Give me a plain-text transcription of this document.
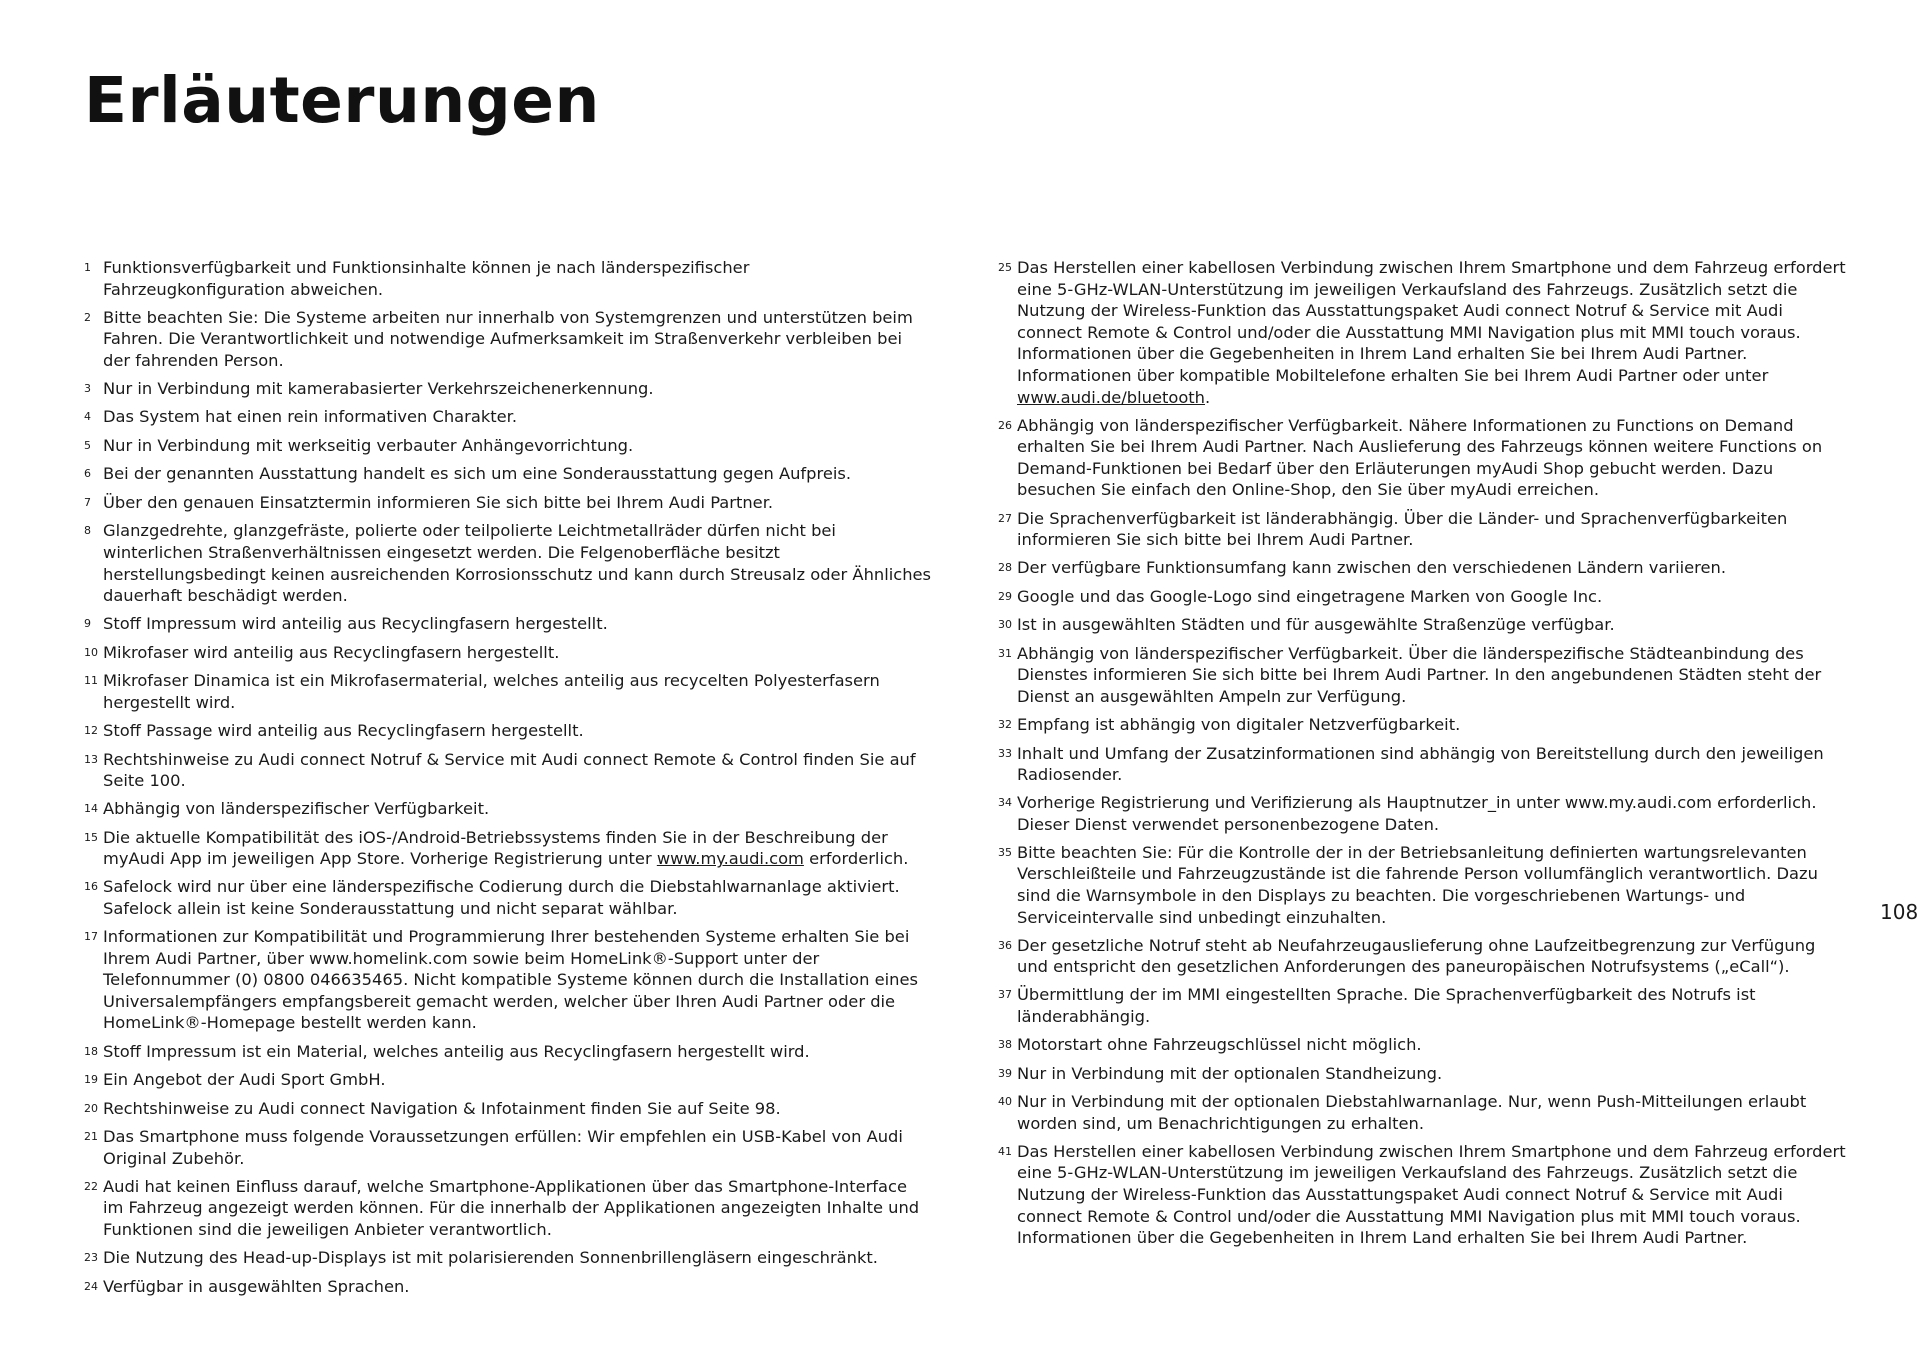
Erläuterungen
1 Funktionsverfügbarkeit und Funktionsinhalte können je nach länderspezifischer Fahrzeugkonfiguration abweichen.
2 Bitte beachten Sie: Die Systeme arbeiten nur innerhalb von Systemgrenzen und unterstützen beim Fahren. Die Verantwortlichkeit und notwendige Aufmerksamkeit im Straßenverkehr verbleiben bei der fahrenden Person.
3 Nur in Verbindung mit kamerabasierter Verkehrszeichenerkennung.
4 Das System hat einen rein informativen Charakter.
5 Nur in Verbindung mit werkseitig verbauter Anhängevorrichtung.
6 Bei der genannten Ausstattung handelt es sich um eine Sonderausstattung gegen Aufpreis.
7 Über den genauen Einsatztermin informieren Sie sich bitte bei Ihrem Audi Partner.
8 Glanzgedrehte, glanzgefräste, polierte oder teilpolierte Leichtmetallräder dürfen nicht bei winterlichen Straßenverhältnissen eingesetzt werden. Die Felgenoberfläche besitzt herstellungsbedingt keinen ausreichenden Korrosionsschutz und kann durch Streusalz oder Ähnliches dauerhaft beschädigt werden.
9 Stoff Impressum wird anteilig aus Recyclingfasern hergestellt.
10 Mikrofaser wird anteilig aus Recyclingfasern hergestellt.
11 Mikrofaser Dinamica ist ein Mikrofasermaterial, welches anteilig aus recycelten Polyesterfasern hergestellt wird.
12 Stoff Passage wird anteilig aus Recyclingfasern hergestellt.
13 Rechtshinweise zu Audi connect Notruf & Service mit Audi connect Remote & Control finden Sie auf Seite 100.
14 Abhängig von länderspezifischer Verfügbarkeit.
15 Die aktuelle Kompatibilität des iOS-/Android-Betriebssystems finden Sie in der Beschreibung der myAudi App im jeweiligen App Store. Vorherige Registrierung unter www.my.audi.com erforderlich.
16 Safelock wird nur über eine länderspezifische Codierung durch die Diebstahlwarnanlage aktiviert. Safelock allein ist keine Sonderausstattung und nicht separat wählbar.
17 Informationen zur Kompatibilität und Programmierung Ihrer bestehenden Systeme erhalten Sie bei Ihrem Audi Partner, über www.homelink.com sowie beim HomeLink®-Support unter der Telefonnummer (0) 0800 046635465. Nicht kompatible Systeme können durch die Installation eines Universalempfängers empfangsbereit gemacht werden, welcher über Ihren Audi Partner oder die HomeLink®-Homepage bestellt werden kann.
18 Stoff Impressum ist ein Material, welches anteilig aus Recyclingfasern hergestellt wird.
19 Ein Angebot der Audi Sport GmbH.
20 Rechtshinweise zu Audi connect Navigation & Infotainment finden Sie auf Seite 98.
21 Das Smartphone muss folgende Voraussetzungen erfüllen: Wir empfehlen ein USB-Kabel von Audi Original Zubehör.
22 Audi hat keinen Einfluss darauf, welche Smartphone-Applikationen über das Smartphone-Interface im Fahrzeug angezeigt werden können. Für die innerhalb der Applikationen angezeigten Inhalte und Funktionen sind die jeweiligen Anbieter verantwortlich.
23 Die Nutzung des Head-up-Displays ist mit polarisierenden Sonnenbrillengläsern eingeschränkt.
24 Verfügbar in ausgewählten Sprachen.
25 Das Herstellen einer kabellosen Verbindung zwischen Ihrem Smartphone und dem Fahrzeug erfordert eine 5-GHz-WLAN-Unterstützung im jeweiligen Verkaufsland des Fahrzeugs. Zusätzlich setzt die Nutzung der Wireless-Funktion das Ausstattungspaket Audi connect Notruf & Service mit Audi connect Remote & Control und/oder die Ausstattung MMI Navigation plus mit MMI touch voraus. Informationen über die Gegebenheiten in Ihrem Land erhalten Sie bei Ihrem Audi Partner. Informationen über kompatible Mobiltelefone erhalten Sie bei Ihrem Audi Partner oder unter www.audi.de/bluetooth.
26 Abhängig von länderspezifischer Verfügbarkeit. Nähere Informationen zu Functions on Demand erhalten Sie bei Ihrem Audi Partner. Nach Auslieferung des Fahrzeugs können weitere Functions on Demand-Funktionen bei Bedarf über den Erläuterungen myAudi Shop gebucht werden. Dazu besuchen Sie einfach den Online-Shop, den Sie über myAudi erreichen.
27 Die Sprachenverfügbarkeit ist länderabhängig. Über die Länder- und Sprachenverfügbarkeiten informieren Sie sich bitte bei Ihrem Audi Partner.
28 Der verfügbare Funktionsumfang kann zwischen den verschiedenen Ländern variieren.
29 Google und das Google-Logo sind eingetragene Marken von Google Inc.
30 Ist in ausgewählten Städten und für ausgewählte Straßenzüge verfügbar.
31 Abhängig von länderspezifischer Verfügbarkeit. Über die länderspezifische Städteanbindung des Dienstes informieren Sie sich bitte bei Ihrem Audi Partner. In den angebundenen Städten steht der Dienst an ausgewählten Ampeln zur Verfügung.
32 Empfang ist abhängig von digitaler Netzverfügbarkeit.
33 Inhalt und Umfang der Zusatzinformationen sind abhängig von Bereitstellung durch den jeweiligen Radiosender.
34 Vorherige Registrierung und Verifizierung als Hauptnutzer_in unter www.my.audi.com erforderlich. Dieser Dienst verwendet personenbezogene Daten.
35 Bitte beachten Sie: Für die Kontrolle der in der Betriebsanleitung definierten wartungsrelevanten Verschleißteile und Fahrzeugzustände ist die fahrende Person vollumfänglich verantwortlich. Dazu sind die Warnsymbole in den Displays zu beachten. Die vorgeschriebenen Wartungs- und Serviceintervalle sind unbedingt einzuhalten.
36 Der gesetzliche Notruf steht ab Neufahrzeugauslieferung ohne Laufzeitbegrenzung zur Verfügung und entspricht den gesetzlichen Anforderungen des paneuropäischen Notrufsystems („eCall“).
37 Übermittlung der im MMI eingestellten Sprache. Die Sprachenverfügbarkeit des Notrufs ist länderabhängig.
38 Motorstart ohne Fahrzeugschlüssel nicht möglich.
39 Nur in Verbindung mit der optionalen Standheizung.
40 Nur in Verbindung mit der optionalen Diebstahlwarnanlage. Nur, wenn Push-Mitteilungen erlaubt worden sind, um Benachrichtigungen zu erhalten.
41 Das Herstellen einer kabellosen Verbindung zwischen Ihrem Smartphone und dem Fahrzeug erfordert eine 5-GHz-WLAN-Unterstützung im jeweiligen Verkaufsland des Fahrzeugs. Zusätzlich setzt die Nutzung der Wireless-Funktion das Ausstattungspaket Audi connect Notruf & Service mit Audi connect Remote & Control und/oder die Ausstattung MMI Navigation plus mit MMI touch voraus. Informationen über die Gegebenheiten in Ihrem Land erhalten Sie bei Ihrem Audi Partner.
108
